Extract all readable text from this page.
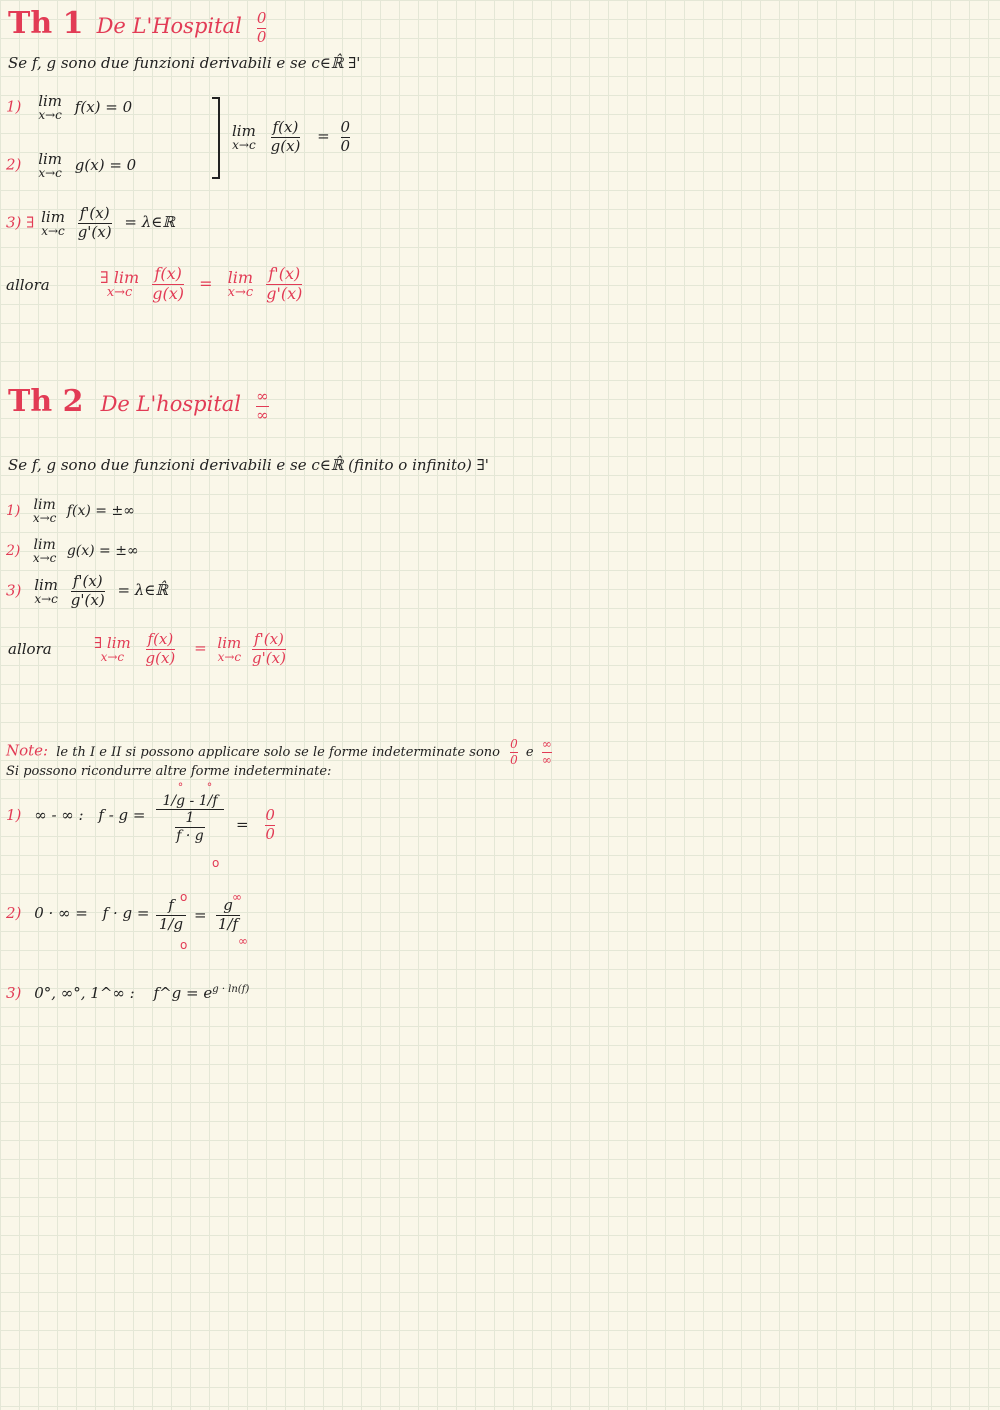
Th 1 De L'Hospital $\frac{0}{0}$
Se f, g sono due funzioni derivabili e se c∈ℝ̂ ∃'
1) lim
x→c f(x) = 0
2) lim
x→c g(x) = 0
lim
x→c
$\frac{f(x)}{g(x)} = \frac{0}{0}$
3) ∃ lim
x→c
$\frac{f'(x)}{g'(x)}$ = λ∈ℝ
allora	∃ lim
x→c
$\frac{f(x)}{g(x)} = \lim$
x→c
$\frac{f'(x)}{g'(x)}$
Th 2 De L'hospital $\frac{\infty}{\infty}$
Se f, g sono due funzioni derivabili e se c∈ℝ̂ (finito o infinito) ∃'
1) lim
x→c f(x) = ±∞
2) lim
x→c g(x) = ±∞
3) lim
x→c
$\frac{f'(x)}{g'(x)}$ = λ∈ℝ̂
allora	∃ lim
x→c
$\frac{f(x)}{g(x)} = \lim$
x→c
$\frac{f'(x)}{g'(x)}$
Note: le th I e II si possono applicare solo se le forme indeterminate sono $\frac{0}{0}$ e $\frac{\infty}{\infty}$
Si possono ricondurre altre forme indeterminate:
1) ∞ - ∞ : f - g =
° °
1/g - 1/f
1
f · g
o
= $\frac{0}{0}$
2) 0 · ∞ = $f \cdot g = \frac{f}{1/g}$
o
o
= $\frac{g}{1/f}$
∞
∞
3) 0°, ∞°, 1^∞ : f^g = $e^{g \cdot ln(f)}$
